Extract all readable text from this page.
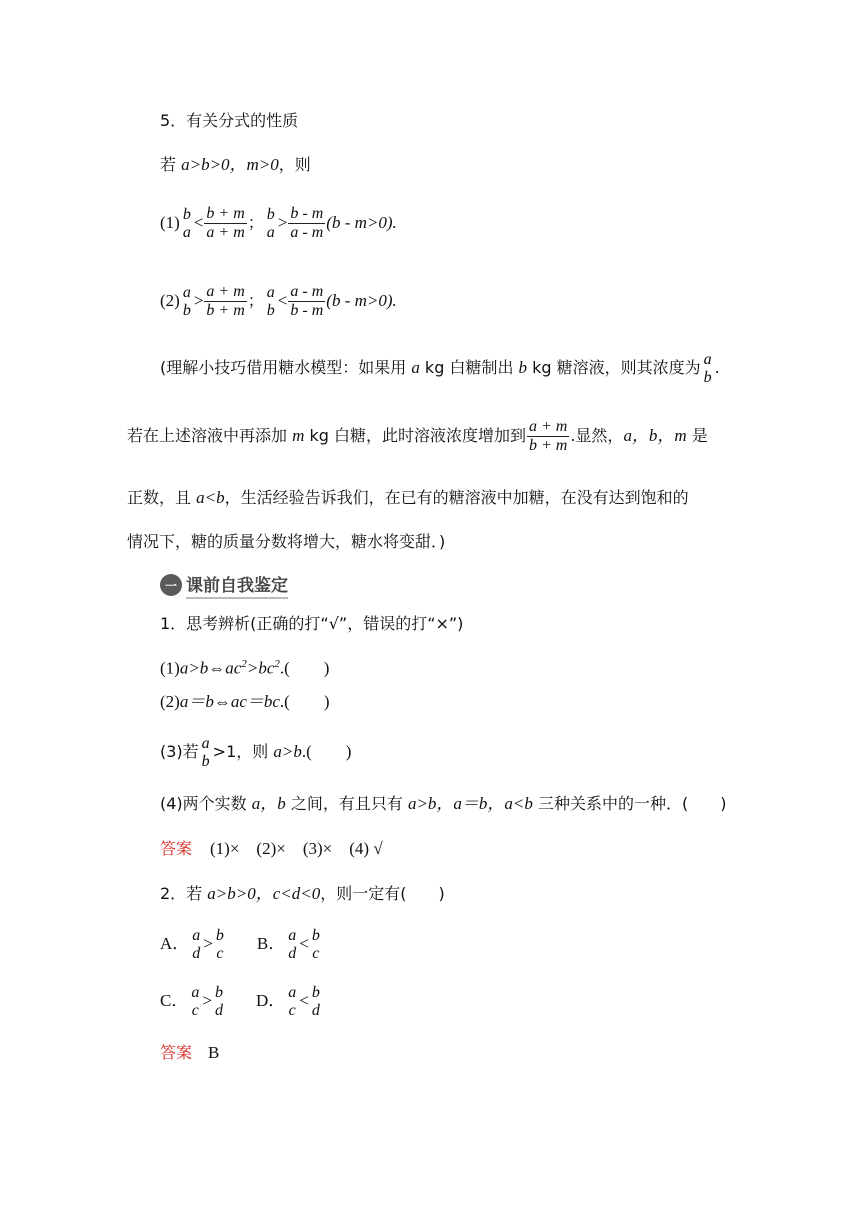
5．有关分式的性质
若 a>b>0，m>0，则
(1) b
$a < \frac{b + m}{a + m}$ ； b
$a > \frac{b - m}{a - m} (b - m>0)$.
(2) a
$b > \frac{a + m}{b + m}$ ； a
$b < \frac{a - m}{b - m} (b - m>0)$.
(理解小技巧借用糖水模型：如果用 a kg 白糖制出 b kg 糖溶液，则其浓度为 a
b .
若在上述溶液中再添加 m kg 白糖，此时溶液浓度增加到 $\frac{a + m}{b + m}$ .显然，a，b，m 是
正数，且 a<b，生活经验告诉我们，在已有的糖溶液中加糖，在没有达到饱和的
情况下，糖的质量分数将增大，糖水将变甜．)
一 课前自我鉴定
1．思考辨析(正确的打“√”，错误的打“×”)
$(1)a>b\Leftrightarrow ac^2>bc^2$.(　　)
(2)a＝b⇔ac＝bc.(　　)
(3)若 a
b >1，则 a>b.(　　)
(4)两个实数 a，b 之间，有且只有 a>b，a＝b，a<b 三种关系中的一种．(　　)
答案 (1)×　(2)×　(3)×　(4) √
2．若 a>b>0，c<d<0，则一定有(　　)
A． a
d > b
c B． a
d < b
c
C． a
c > b
d D． a
c < b
d
答案 B
